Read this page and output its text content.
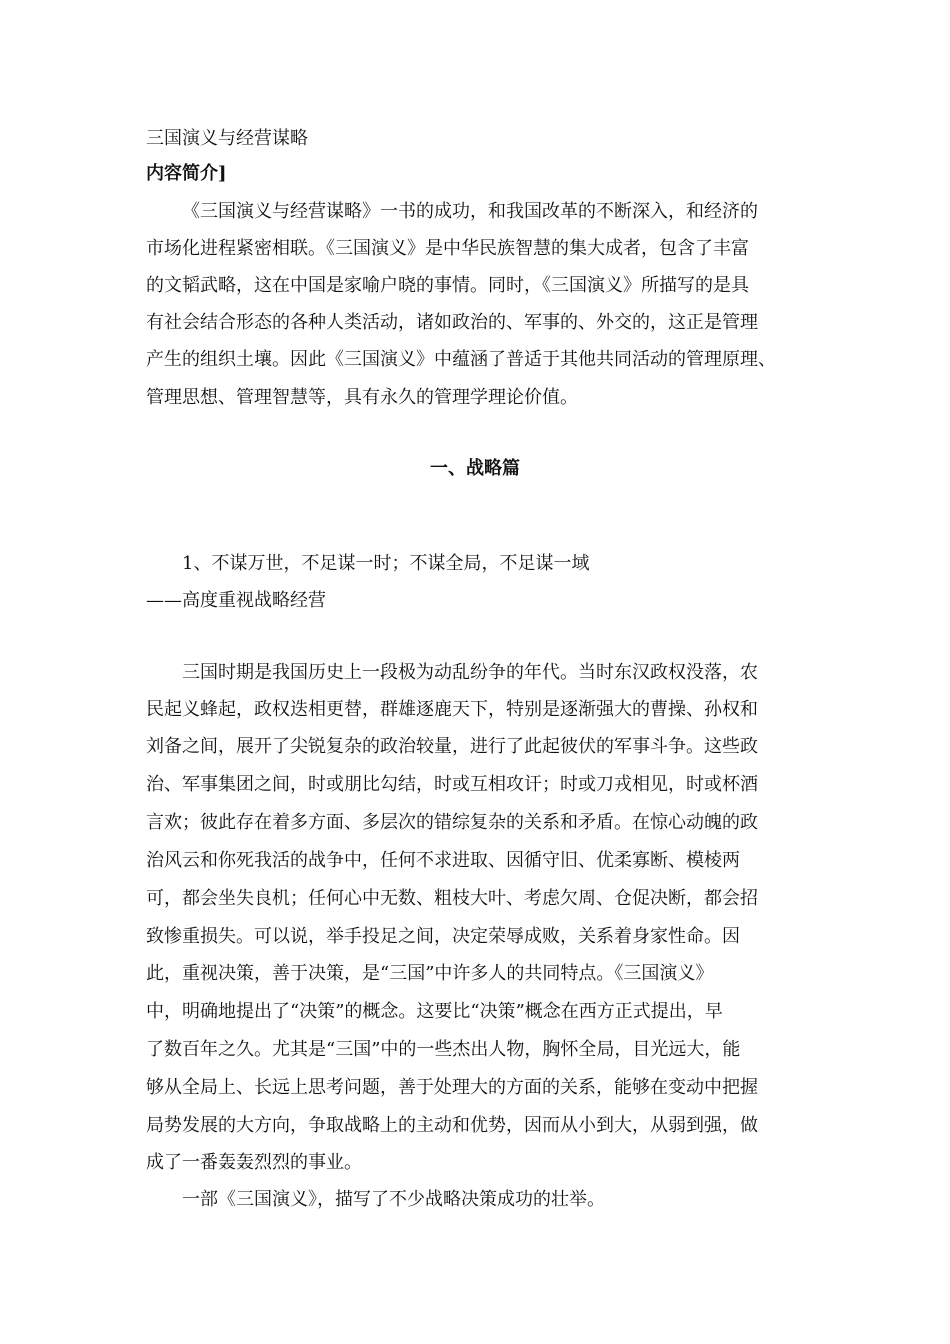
三国演义与经营谋略
内容简介]
《三国演义与经营谋略》一书的成功，和我国改革的不断深入，和经济的
市场化进程紧密相联。《三国演义》是中华民族智慧的集大成者，包含了丰富
的文韬武略，这在中国是家喻户晓的事情。同时，《三国演义》所描写的是具
有社会结合形态的各种人类活动，诸如政治的、军事的、外交的，这正是管理
产生的组织土壤。因此《三国演义》中蕴涵了普适于其他共同活动的管理原理、
管理思想、管理智慧等，具有永久的管理学理论价值。
一、战略篇
1、不谋万世，不足谋一时；不谋全局，不足谋一域
——高度重视战略经营
三国时期是我国历史上一段极为动乱纷争的年代。当时东汉政权没落，农
民起义蜂起，政权迭相更替，群雄逐鹿天下，特别是逐渐强大的曹操、孙权和
刘备之间，展开了尖锐复杂的政治较量，进行了此起彼伏的军事斗争。这些政
治、军事集团之间，时或朋比勾结，时或互相攻讦；时或刀戎相见，时或杯酒
言欢；彼此存在着多方面、多层次的错综复杂的关系和矛盾。在惊心动魄的政
治风云和你死我活的战争中，任何不求进取、因循守旧、优柔寡断、模棱两
可，都会坐失良机；任何心中无数、粗枝大叶、考虑欠周、仓促决断，都会招
致惨重损失。可以说，举手投足之间，决定荣辱成败，关系着身家性命。因
此，重视决策，善于决策，是“三国”中许多人的共同特点。《三国演义》
中，明确地提出了“决策”的概念。这要比“决策”概念在西方正式提出，早
了数百年之久。尤其是“三国”中的一些杰出人物，胸怀全局，目光远大，能
够从全局上、长远上思考问题，善于处理大的方面的关系，能够在变动中把握
局势发展的大方向，争取战略上的主动和优势，因而从小到大，从弱到强，做
成了一番轰轰烈烈的事业。
一部《三国演义》，描写了不少战略决策成功的壮举。
